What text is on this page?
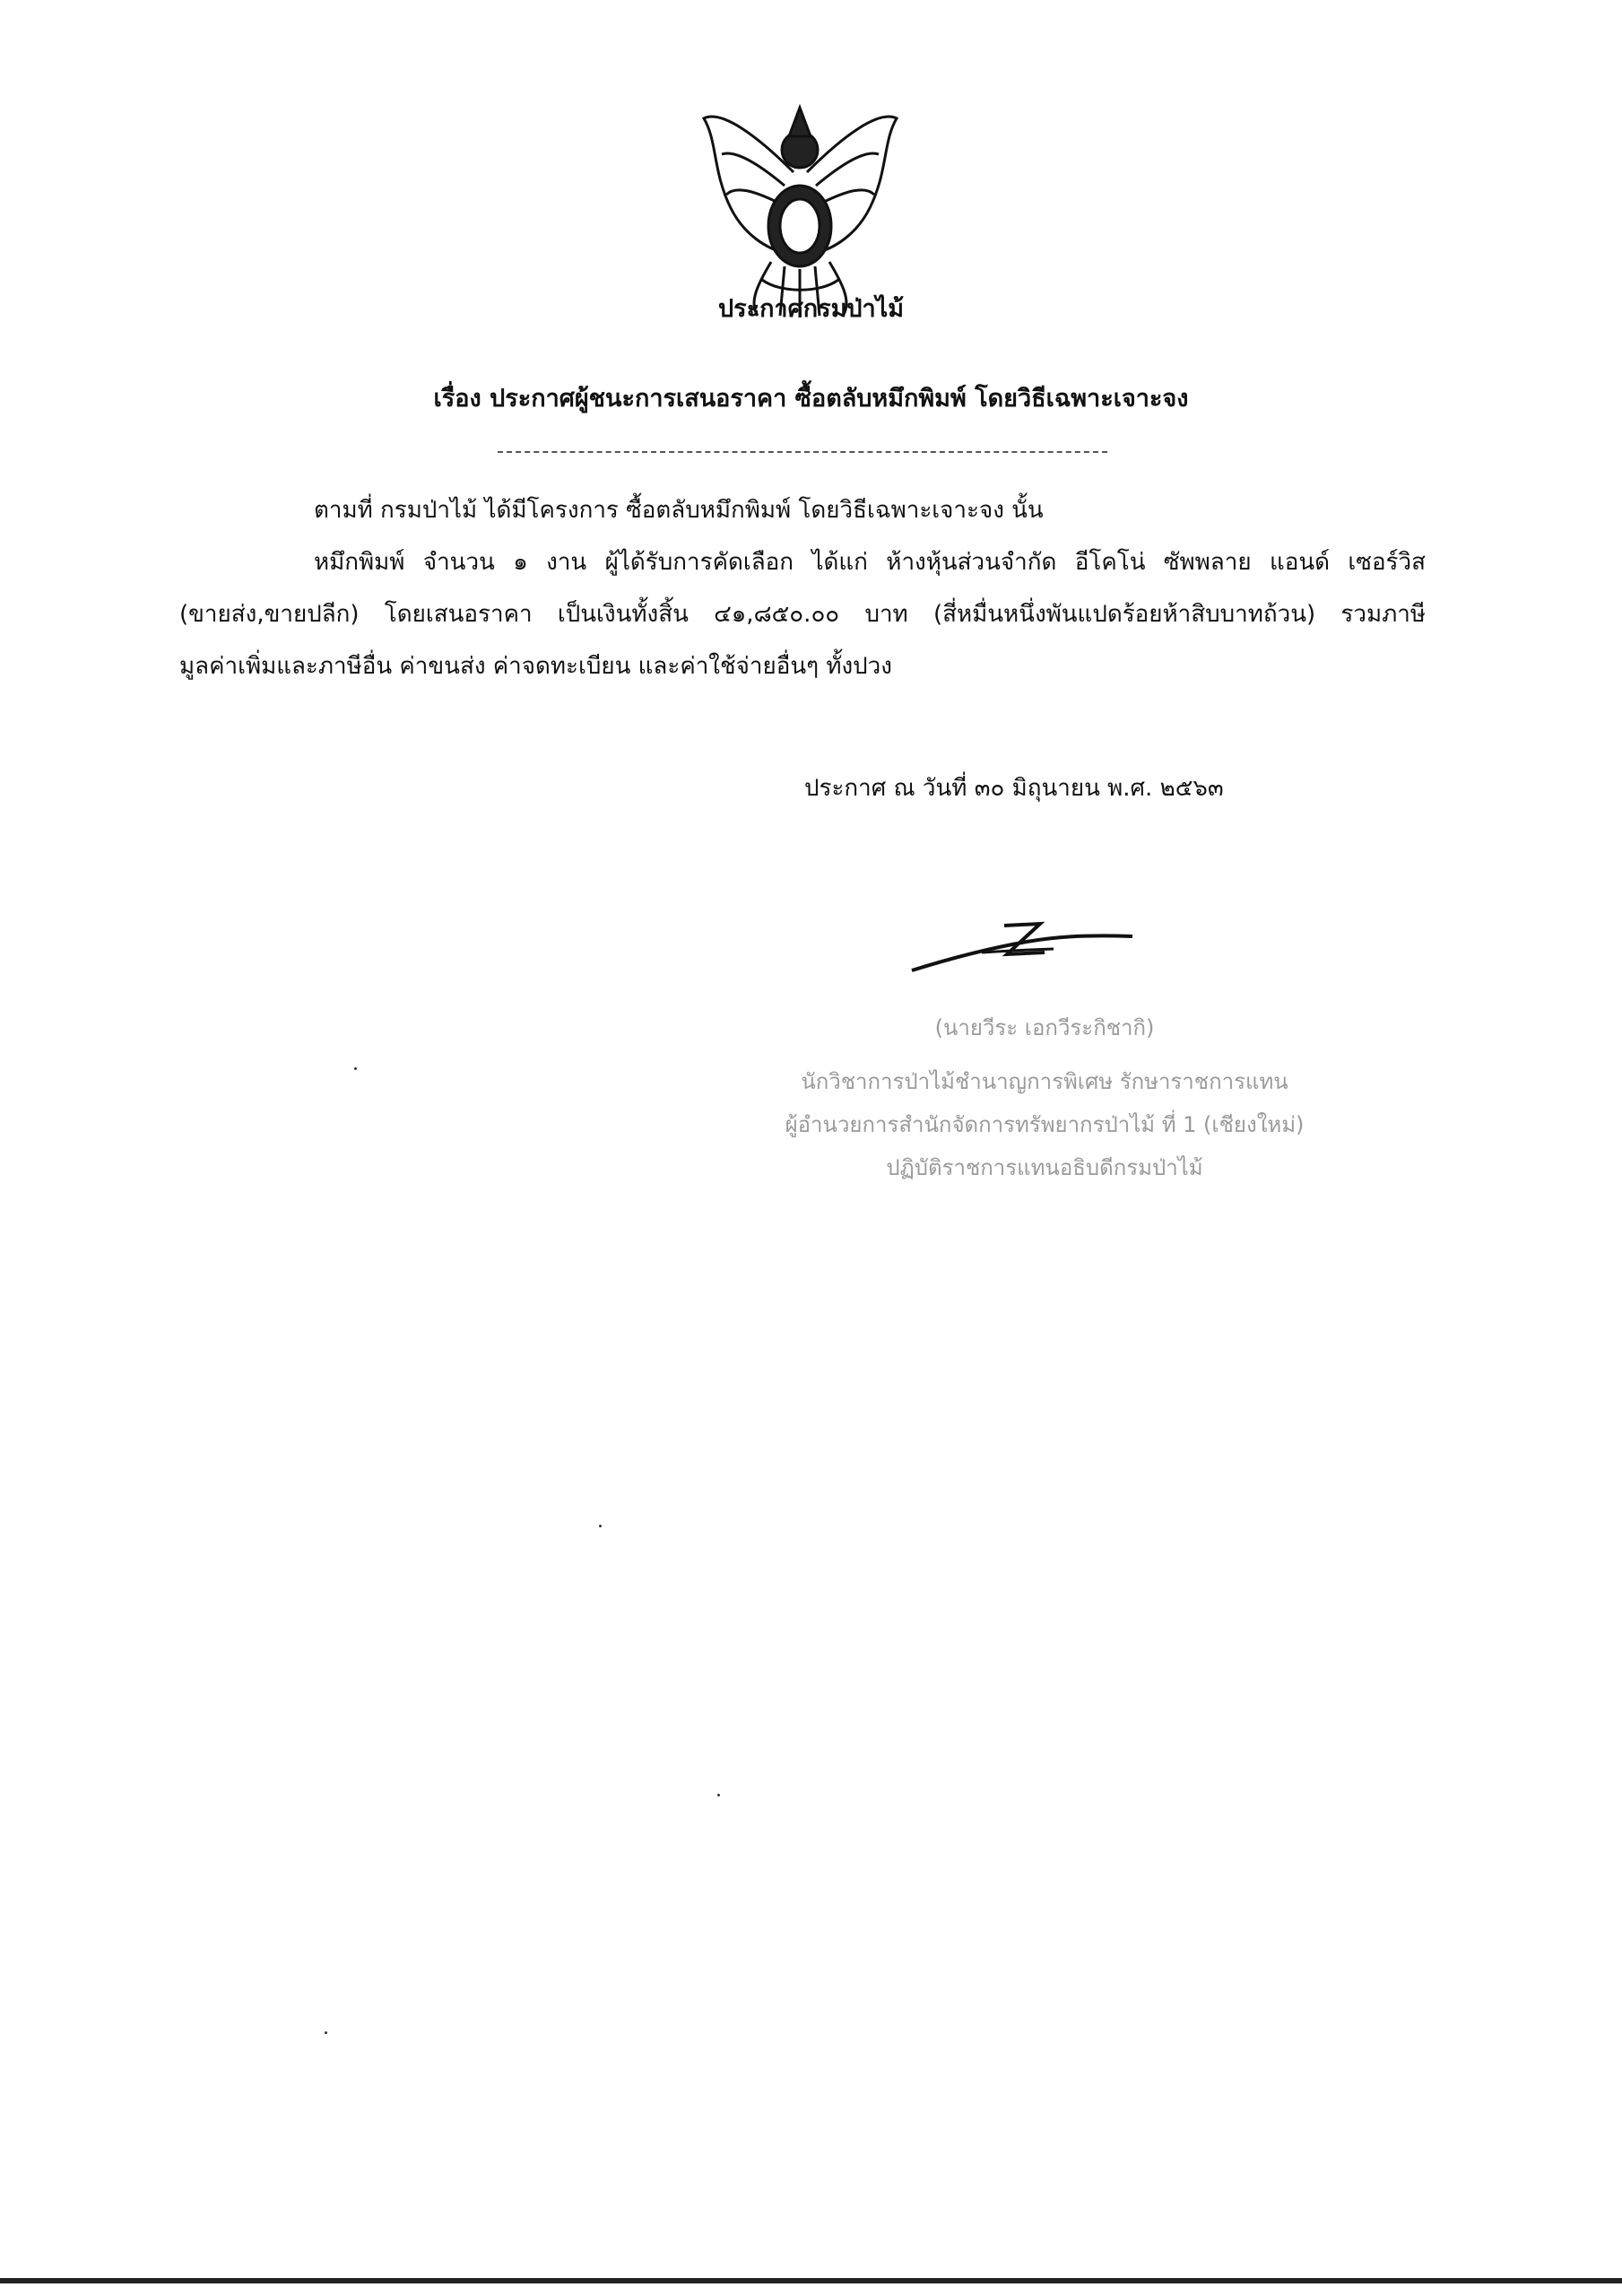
ประกาศกรมป่าไม้
เรื่อง ประกาศผู้ชนะการเสนอราคา ซื้อตลับหมึกพิมพ์ โดยวิธีเฉพาะเจาะจง
ตามที่ กรมป่าไม้ ได้มีโครงการ ซื้อตลับหมึกพิมพ์ โดยวิธีเฉพาะเจาะจง นั้น
หมึกพิมพ์ จำนวน ๑ งาน ผู้ได้รับการคัดเลือก ได้แก่ ห้างหุ้นส่วนจำกัด อีโคโน่ ซัพพลาย แอนด์ เซอร์วิส
(ขายส่ง,ขายปลีก) โดยเสนอราคา เป็นเงินทั้งสิ้น ๔๑,๘๕๐.๐๐ บาท (สี่หมื่นหนึ่งพันแปดร้อยห้าสิบบาทถ้วน) รวมภาษี
มูลค่าเพิ่มและภาษีอื่น ค่าขนส่ง ค่าจดทะเบียน และค่าใช้จ่ายอื่นๆ ทั้งปวง
ประกาศ ณ วันที่ ๓๐ มิถุนายน พ.ศ. ๒๕๖๓
(นายวีระ เอกวีระกิชากิ)
นักวิชาการป่าไม้ชำนาญการพิเศษ รักษาราชการแทน
ผู้อำนวยการสำนักจัดการทรัพยากรป่าไม้ ที่ 1 (เชียงใหม่)
ปฏิบัติราชการแทนอธิบดีกรมป่าไม้
